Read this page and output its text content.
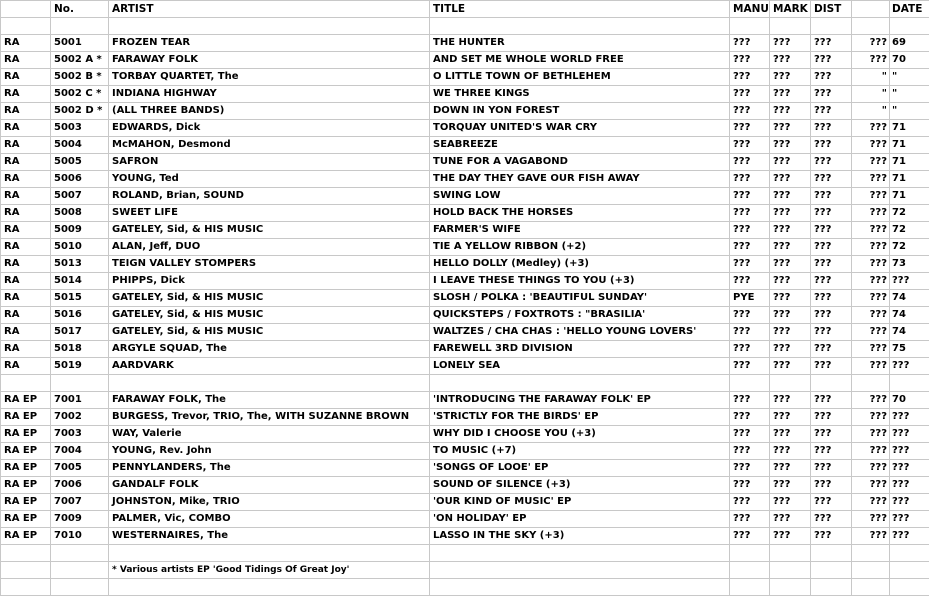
	No.	ARTIST	TITLE	MANU	MARK	DIST		DATE

RA	5001	FROZEN TEAR	THE HUNTER	???	???	???	???	69
RA	5002 A *	FARAWAY FOLK	AND SET ME WHOLE WORLD FREE	???	???	???	???	70
RA	5002 B *	TORBAY QUARTET, The	O LITTLE TOWN OF BETHLEHEM	???	???	???	"	"
RA	5002 C *	INDIANA HIGHWAY	WE THREE KINGS	???	???	???	"	"
RA	5002 D *	(ALL THREE BANDS)	DOWN IN YON FOREST	???	???	???	"	"
RA	5003	EDWARDS, Dick	TORQUAY UNITED'S WAR CRY	???	???	???	???	71
RA	5004	McMAHON, Desmond	SEABREEZE	???	???	???	???	71
RA	5005	SAFRON	TUNE FOR A VAGABOND	???	???	???	???	71
RA	5006	YOUNG, Ted	THE DAY THEY GAVE OUR FISH AWAY	???	???	???	???	71
RA	5007	ROLAND, Brian, SOUND	SWING LOW	???	???	???	???	71
RA	5008	SWEET LIFE	HOLD BACK THE HORSES	???	???	???	???	72
RA	5009	GATELEY, Sid, & HIS MUSIC	FARMER'S WIFE	???	???	???	???	72
RA	5010	ALAN, Jeff, DUO	TIE A YELLOW RIBBON (+2)	???	???	???	???	72
RA	5013	TEIGN VALLEY STOMPERS	HELLO DOLLY (Medley) (+3)	???	???	???	???	73
RA	5014	PHIPPS, Dick	I LEAVE THESE THINGS TO YOU (+3)	???	???	???	???	???
RA	5015	GATELEY, Sid, & HIS MUSIC	SLOSH / POLKA : 'BEAUTIFUL SUNDAY'	PYE	???	???	???	74
RA	5016	GATELEY, Sid, & HIS MUSIC	QUICKSTEPS / FOXTROTS : "BRASILIA'	???	???	???	???	74
RA	5017	GATELEY, Sid, & HIS MUSIC	WALTZES / CHA CHAS : 'HELLO YOUNG LOVERS'	???	???	???	???	74
RA	5018	ARGYLE SQUAD, The	FAREWELL 3RD DIVISION	???	???	???	???	75
RA	5019	AARDVARK	LONELY SEA	???	???	???	???	???

RA EP	7001	FARAWAY FOLK, The	'INTRODUCING THE FARAWAY FOLK' EP	???	???	???	???	70
RA EP	7002	BURGESS, Trevor, TRIO, The, WITH SUZANNE BROWN	'STRICTLY FOR THE BIRDS' EP	???	???	???	???	???
RA EP	7003	WAY, Valerie	WHY DID I CHOOSE YOU (+3)	???	???	???	???	???
RA EP	7004	YOUNG, Rev. John	TO MUSIC (+7)	???	???	???	???	???
RA EP	7005	PENNYLANDERS, The	'SONGS OF LOOE' EP	???	???	???	???	???
RA EP	7006	GANDALF FOLK	SOUND OF SILENCE (+3)	???	???	???	???	???
RA EP	7007	JOHNSTON, Mike, TRIO	'OUR KIND OF MUSIC' EP	???	???	???	???	???
RA EP	7009	PALMER, Vic, COMBO	'ON HOLIDAY' EP	???	???	???	???	???
RA EP	7010	WESTERNAIRES, The	LASSO IN THE SKY (+3)	???	???	???	???	???

		* Various artists EP 'Good Tidings Of Great Joy'						
